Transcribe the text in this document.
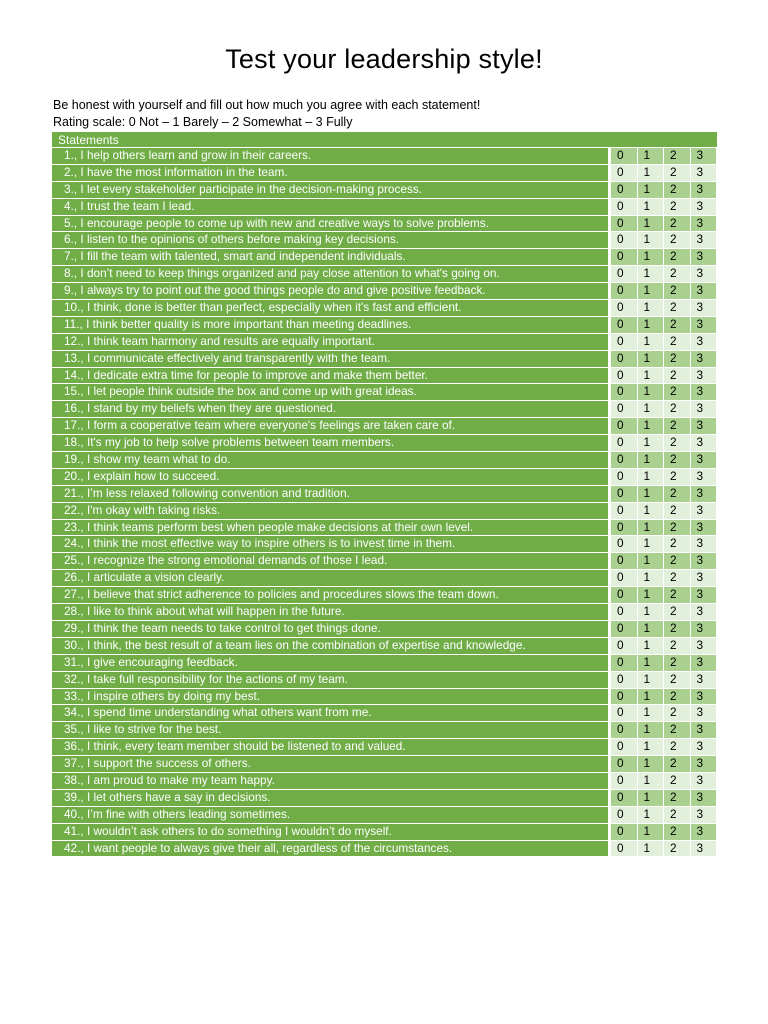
Test your leadership style!
Be honest with yourself and fill out how much you agree with each statement!
Rating scale: 0 Not – 1 Barely – 2 Somewhat – 3 Fully
Statements
1., I help others learn and grow in their careers.	0	1	2	3
2., I have the most information in the team.	0	1	2	3
3., I let every stakeholder participate in the decision-making process.	0	1	2	3
4., I trust the team I lead.	0	1	2	3
5., I encourage people to come up with new and creative ways to solve problems.	0	1	2	3
6., I listen to the opinions of others before making key decisions.	0	1	2	3
7., I fill the team with talented, smart and independent individuals.	0	1	2	3
8., I don’t need to keep things organized and pay close attention to what's going on.	0	1	2	3
9., I always try to point out the good things people do and give positive feedback.	0	1	2	3
10., I think, done is better than perfect, especially when it's fast and efficient.	0	1	2	3
11., I think better quality is more important than meeting deadlines.	0	1	2	3
12., I think team harmony and results are equally important.	0	1	2	3
13., I communicate effectively and transparently with the team.	0	1	2	3
14., I dedicate extra time for people to improve and make them better.	0	1	2	3
15., I let people think outside the box and come up with great ideas.	0	1	2	3
16., I stand by my beliefs when they are questioned.	0	1	2	3
17., I form a cooperative team where everyone's feelings are taken care of.	0	1	2	3
18., It's my job to help solve problems between team members.	0	1	2	3
19., I show my team what to do.	0	1	2	3
20., I explain how to succeed.	0	1	2	3
21., I’m less relaxed following convention and tradition.	0	1	2	3
22., I'm okay with taking risks.	0	1	2	3
23., I think teams perform best when people make decisions at their own level.	0	1	2	3
24., I think the most effective way to inspire others is to invest time in them.	0	1	2	3
25., I recognize the strong emotional demands of those I lead.	0	1	2	3
26., I articulate a vision clearly.	0	1	2	3
27., I believe that strict adherence to policies and procedures slows the team down.	0	1	2	3
28., I like to think about what will happen in the future.	0	1	2	3
29., I think the team needs to take control to get things done.	0	1	2	3
30., I think, the best result of a team lies on the combination of expertise and knowledge.	0	1	2	3
31., I give encouraging feedback.	0	1	2	3
32., I take full responsibility for the actions of my team.	0	1	2	3
33., I inspire others by doing my best.	0	1	2	3
34., I spend time understanding what others want from me.	0	1	2	3
35., I like to strive for the best.	0	1	2	3
36., I think, every team member should be listened to and valued.	0	1	2	3
37., I support the success of others.	0	1	2	3
38., I am proud to make my team happy.	0	1	2	3
39., I let others have a say in decisions.	0	1	2	3
40., I’m fine with others leading sometimes.	0	1	2	3
41., I wouldn’t ask others to do something I wouldn’t do myself.	0	1	2	3
42., I want people to always give their all, regardless of the circumstances.	0	1	2	3
